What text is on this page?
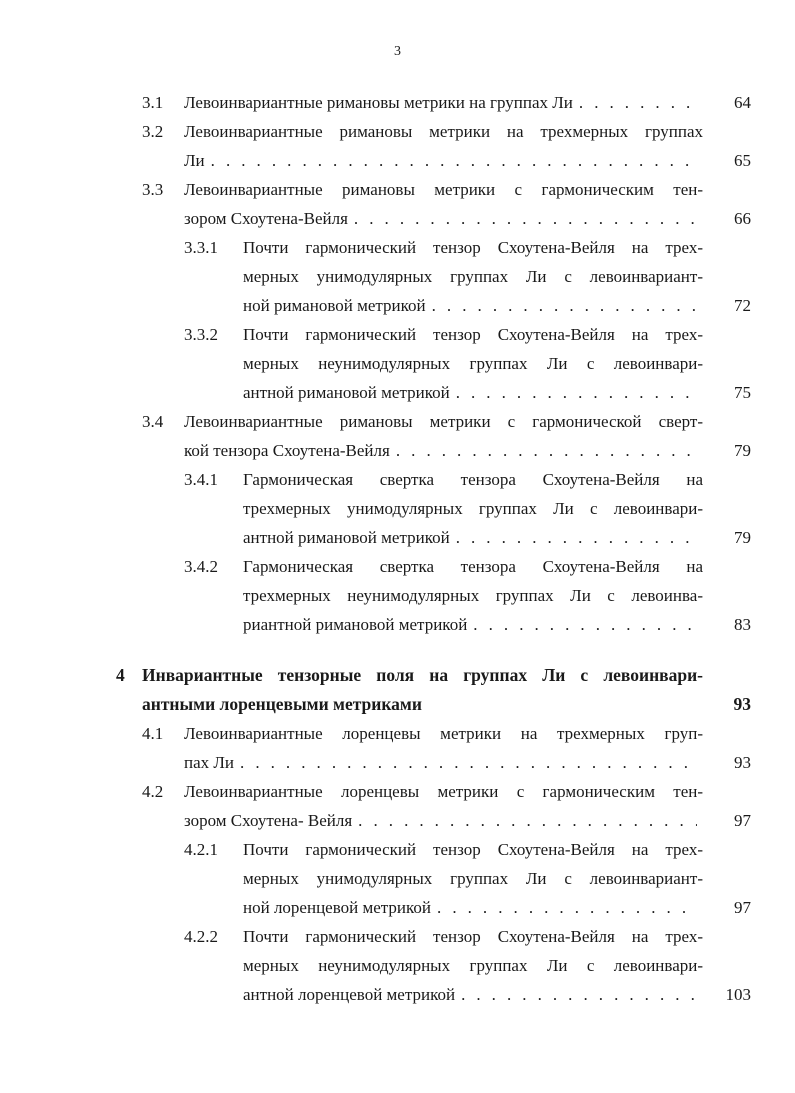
3
3.1 Левоинвариантные римановы метрики на группах Ли . . .	64
3.2 Левоинвариантные римановы метрики на трехмерных группах
Ли . . .	65
3.3 Левоинвариантные римановы метрики с гармоническим тен-
зором Схоутена-Вейля . . .	66
3.3.1 Почти гармонический тензор Схоутена-Вейля на трех-
мерных унимодулярных группах Ли с левоинвариант-
ной римановой метрикой . . .	72
3.3.2 Почти гармонический тензор Схоутена-Вейля на трех-
мерных неунимодулярных группах Ли с левоинвари-
антной римановой метрикой . . .	75
3.4 Левоинвариантные римановы метрики с гармонической сверт-
кой тензора Схоутена-Вейля . . .	79
3.4.1 Гармоническая свертка тензора Схоутена-Вейля на
трехмерных унимодулярных группах Ли с левоинвари-
антной римановой метрикой . . .	79
3.4.2 Гармоническая свертка тензора Схоутена-Вейля на
трехмерных неунимодулярных группах Ли с левоинва-
риантной римановой метрикой . . .	83
4 Инвариантные тензорные поля на группах Ли с левоинвари-
антными лоренцевыми метриками	93
4.1 Левоинвариантные лоренцевы метрики на трехмерных груп-
пах Ли . . .	93
4.2 Левоинвариантные лоренцевы метрики с гармоническим тен-
зором Схоутена- Вейля . . .	97
4.2.1 Почти гармонический тензор Схоутена-Вейля на трех-
мерных унимодулярных группах Ли с левоинвариант-
ной лоренцевой метрикой . . .	97
4.2.2 Почти гармонический тензор Схоутена-Вейля на трех-
мерных неунимодулярных группах Ли с левоинвари-
антной лоренцевой метрикой . . .	103
